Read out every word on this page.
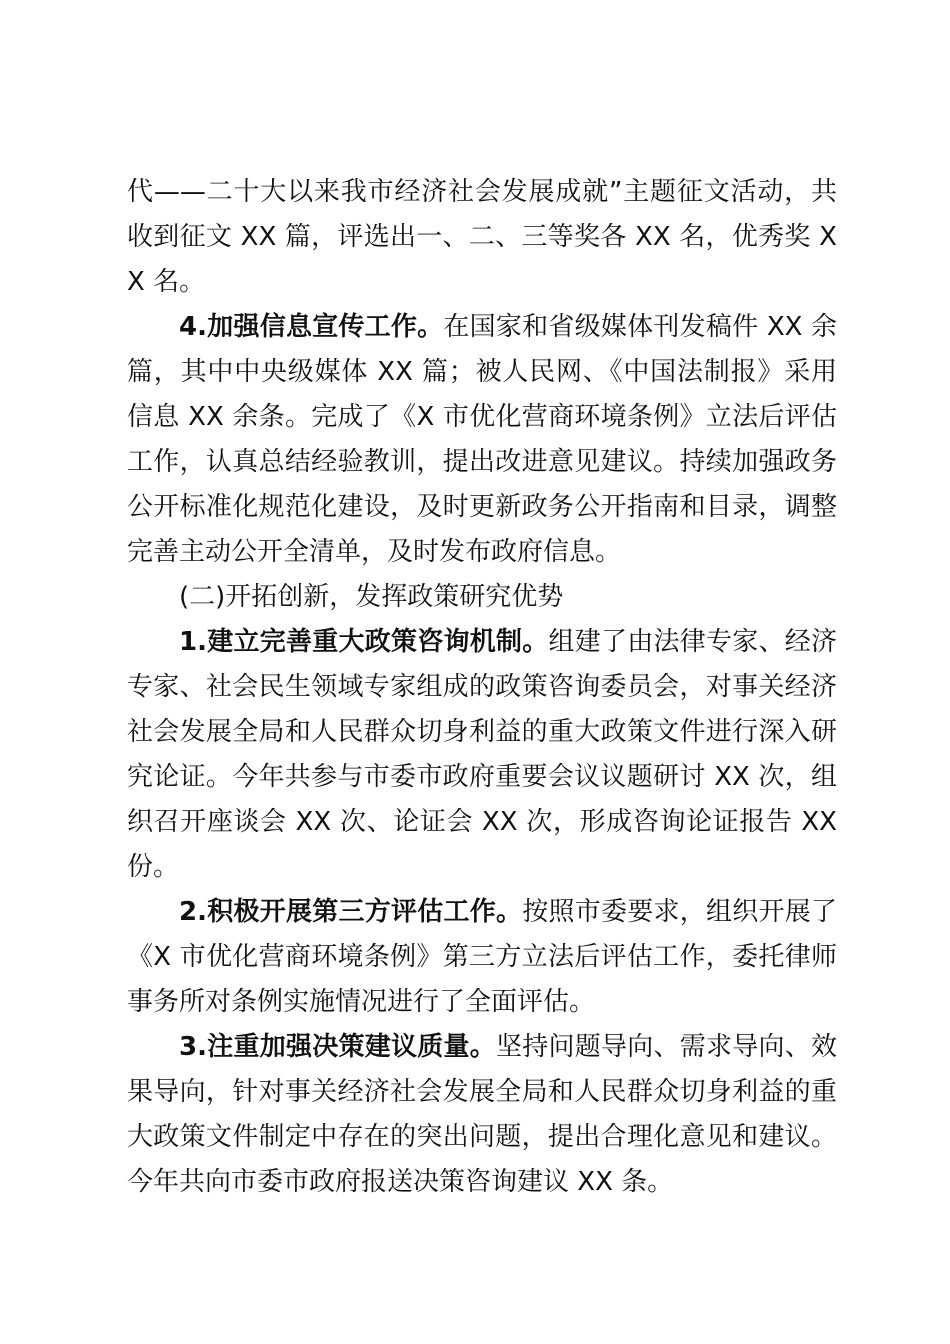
代——二十大以来我市经济社会发展成就”主题征文活动，共收到征文 XX 篇，评选出一、二、三等奖各 XX 名，优秀奖 XX 名。

4.加强信息宣传工作。在国家和省级媒体刊发稿件 XX 余篇，其中中央级媒体 XX 篇；被人民网、《中国法制报》采用信息 XX 余条。完成了《X 市优化营商环境条例》立法后评估工作，认真总结经验教训，提出改进意见建议。持续加强政务公开标准化规范化建设，及时更新政务公开指南和目录，调整完善主动公开全清单，及时发布政府信息。

(二)开拓创新，发挥政策研究优势

1.建立完善重大政策咨询机制。组建了由法律专家、经济专家、社会民生领域专家组成的政策咨询委员会，对事关经济社会发展全局和人民群众切身利益的重大政策文件进行深入研究论证。今年共参与市委市政府重要会议议题研讨 XX 次，组织召开座谈会 XX 次、论证会 XX 次，形成咨询论证报告 XX 份。

2.积极开展第三方评估工作。按照市委要求，组织开展了《X 市优化营商环境条例》第三方立法后评估工作，委托律师事务所对条例实施情况进行了全面评估。

3.注重加强决策建议质量。坚持问题导向、需求导向、效果导向，针对事关经济社会发展全局和人民群众切身利益的重大政策文件制定中存在的突出问题，提出合理化意见和建议。今年共向市委市政府报送决策咨询建议 XX 条。
